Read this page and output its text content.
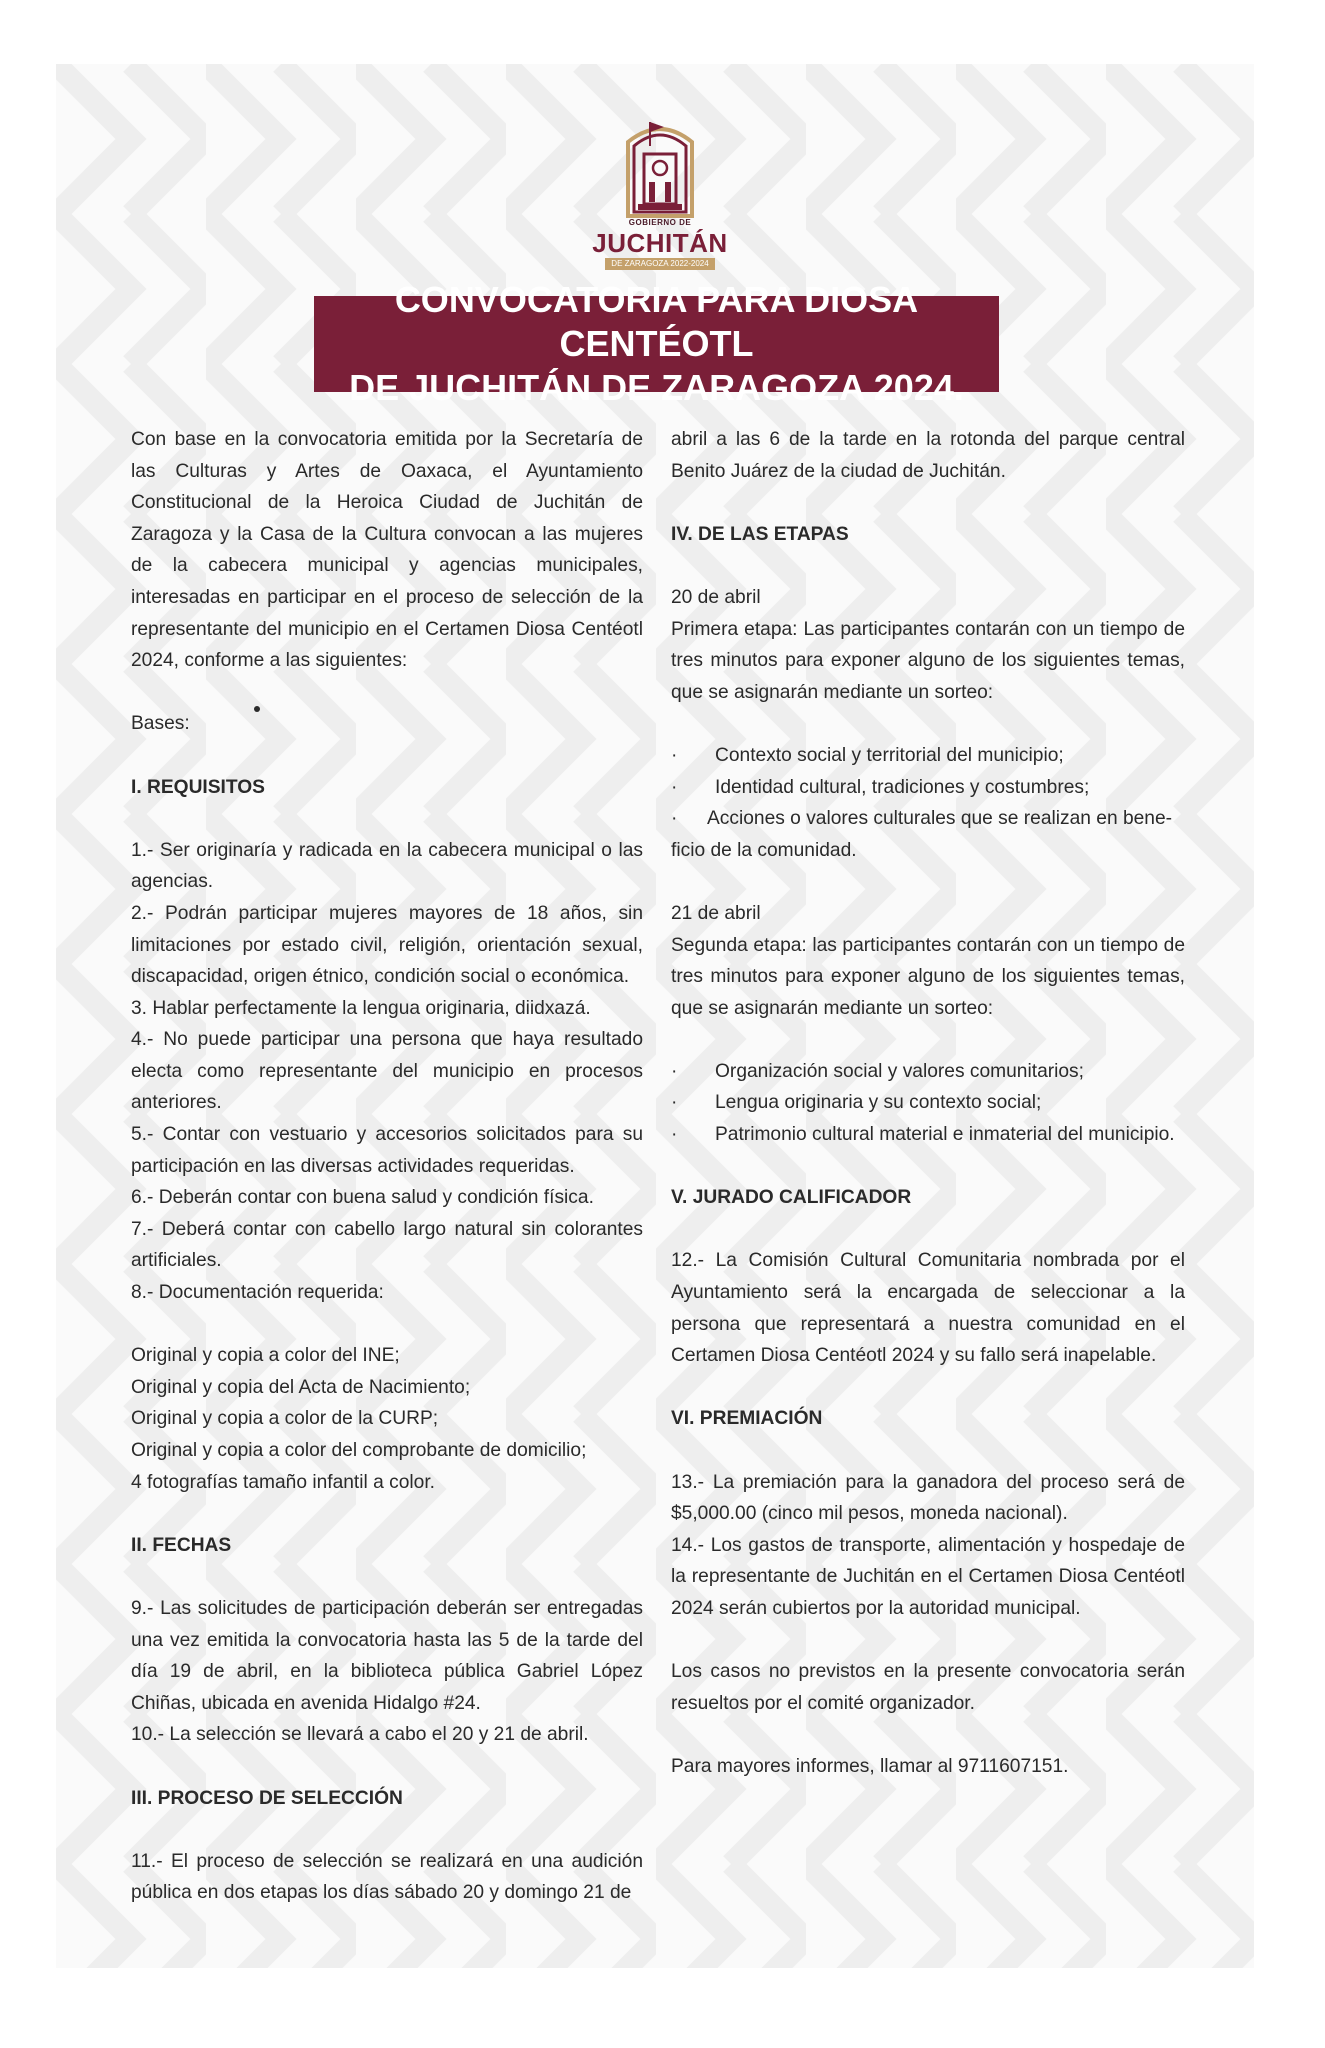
GOBIERNO DE
JUCHITÁN
DE ZARAGOZA 2022-2024
CONVOCATORIA PARA DIOSA CENTÉOTL
DE JUCHITÁN DE ZARAGOZA 2024.

Con base en la convocatoria emitida por la Secretaría de las Culturas y Artes de Oaxaca, el Ayuntamiento Constitucional de la Heroica Ciudad de Juchitán de Zaragoza y la Casa de la Cultura convocan a las mujeres de la cabecera municipal y agencias municipales, interesadas en participar en el proceso de selección de la representante del municipio en el Certamen Diosa Centéotl 2024, conforme a las siguientes:

Bases:

I. REQUISITOS

1.- Ser originaría y radicada en la cabecera municipal o las agencias.

2.- Podrán participar mujeres mayores de 18 años, sin limitaciones por estado civil, religión, orientación sexual, discapacidad, origen étnico, condición social o económica.

3. Hablar perfectamente la lengua originaria, diidxazá.

4.- No puede participar una persona que haya resultado electa como representante del municipio en procesos anteriores.

5.- Contar con vestuario y accesorios solicitados para su participación en las diversas actividades requeridas.

6.- Deberán contar con buena salud y condición física.

7.- Deberá contar con cabello largo natural sin colorantes artificiales.

8.- Documentación requerida:

Original y copia a color del INE;

Original y copia del Acta de Nacimiento;

Original y copia a color de la CURP;

Original y copia a color del comprobante de domicilio;

4 fotografías tamaño infantil a color.

II. FECHAS

9.- Las solicitudes de participación deberán ser entregadas una vez emitida la convocatoria hasta las 5 de la tarde del día 19 de abril, en la biblioteca pública Gabriel López Chiñas, ubicada en avenida Hidalgo #24.

10.- La selección se llevará a cabo el 20 y 21 de abril.

III. PROCESO DE SELECCIÓN

11.- El proceso de selección se realizará en una audición pública en dos etapas los días sábado 20 y domingo 21 de

abril a las 6 de la tarde en la rotonda del parque central Benito Juárez de la ciudad de Juchitán.

IV. DE LAS ETAPAS

20 de abril

Primera etapa: Las participantes contarán con un tiempo de tres minutos para exponer alguno de los siguientes temas, que se asignarán mediante un sorteo:

·	Contexto social y territorial del municipio;

·	Identidad cultural, tradiciones y costumbres;

·	Acciones o valores culturales que se realizan en bene-

ficio de la comunidad.

21 de abril

Segunda etapa: las participantes contarán con un tiempo de tres minutos para exponer alguno de los siguientes temas, que se asignarán mediante un sorteo:

·	Organización social y valores comunitarios;

·	Lengua originaria y su contexto social;

·	Patrimonio cultural material e inmaterial del municipio.

V. JURADO CALIFICADOR

12.- La Comisión Cultural Comunitaria nombrada por el Ayuntamiento será la encargada de seleccionar a la persona que representará a nuestra comunidad en el Certamen Diosa Centéotl 2024 y su fallo será inapelable.

VI. PREMIACIÓN

13.- La premiación para la ganadora del proceso será de $5,000.00 (cinco mil pesos, moneda nacional).

14.- Los gastos de transporte, alimentación y hospedaje de la representante de Juchitán en el Certamen Diosa Centéotl 2024 serán cubiertos por la autoridad municipal.

Los casos no previstos en la presente convocatoria serán resueltos por el comité organizador.

Para mayores informes, llamar al 9711607151.
